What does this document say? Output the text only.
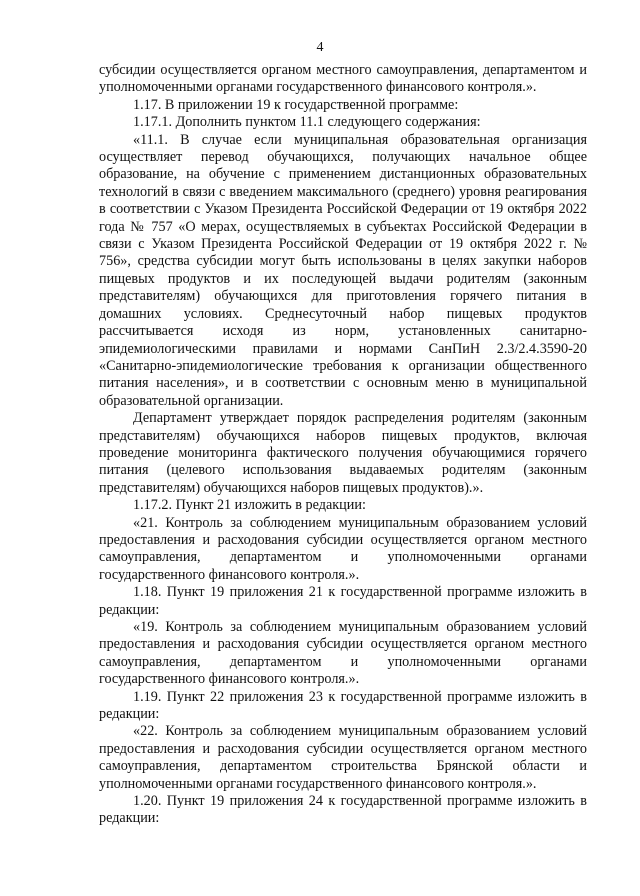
4

субсидии осуществляется органом местного самоуправления, департаментом и уполномоченными органами государственного финансового контроля.».

1.17. В приложении 19 к государственной программе:

1.17.1. Дополнить пунктом 11.1 следующего содержания:

«11.1. В случае если муниципальная образовательная организация осуществляет перевод обучающихся, получающих начальное общее образование, на обучение с применением дистанционных образовательных технологий в связи с введением максимального (среднего) уровня реагирования в соответствии с Указом Президента Российской Федерации от 19 октября 2022 года № 757 «О мерах, осуществляемых в субъектах Российской Федерации в связи с Указом Президента Российской Федерации от 19 октября 2022 г. № 756», средства субсидии могут быть использованы в целях закупки наборов пищевых продуктов и их последующей выдачи родителям (законным представителям) обучающихся для приготовления горячего питания в домашних условиях. Среднесуточный набор пищевых продуктов рассчитывается исходя из норм, установленных санитарно-эпидемиологическими правилами и нормами СанПиН 2.3/2.4.3590-20 «Санитарно-эпидемиологические требования к организации общественного питания населения», и в соответствии с основным меню в муниципальной образовательной организации.

Департамент утверждает порядок распределения родителям (законным представителям) обучающихся наборов пищевых продуктов, включая проведение мониторинга фактического получения обучающимися горячего питания (целевого использования выдаваемых родителям (законным представителям) обучающихся наборов пищевых продуктов).».

1.17.2. Пункт 21 изложить в редакции:

«21. Контроль за соблюдением муниципальным образованием условий предоставления и расходования субсидии осуществляется органом местного самоуправления, департаментом и уполномоченными органами государственного финансового контроля.».

1.18. Пункт 19 приложения 21 к государственной программе изложить в редакции:

«19. Контроль за соблюдением муниципальным образованием условий предоставления и расходования субсидии осуществляется органом местного самоуправления, департаментом и уполномоченными органами государственного финансового контроля.».

1.19. Пункт 22 приложения 23 к государственной программе изложить в редакции:

«22. Контроль за соблюдением муниципальным образованием условий предоставления и расходования субсидии осуществляется органом местного самоуправления, департаментом строительства Брянской области и уполномоченными органами государственного финансового контроля.».

1.20. Пункт 19 приложения 24 к государственной программе изложить в редакции:
